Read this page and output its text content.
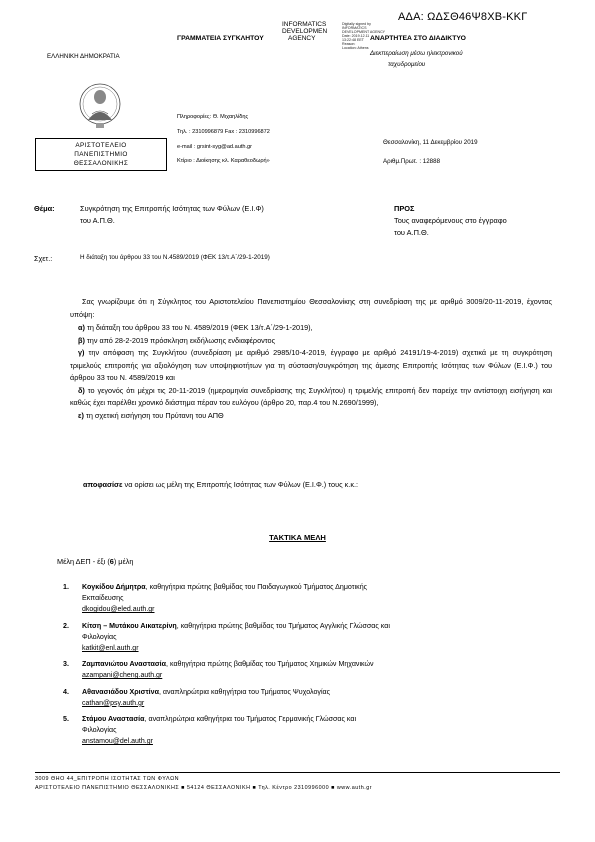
ΑΔΑ: ΩΔΣΘ46Ψ8ΧΒ-ΚΚΓ
INFORMATICS
DEVELOPMEN
AGENCY
Digitally signed by
INFORMATICS
DEVELOPMENT AGENCY
Date: 2019.12.11
13:22:48 EET
Reason:
Location: Athens
ΓΡΑΜΜΑΤΕΙΑ ΣΥΓΚΛΗΤΟΥ	ΑΝΑΡΤΗΤΕΑ ΣΤΟ ΔΙΑΔΙΚΤΥΟ
Διεκπεραίωση μέσω ηλεκτρονικού
ταχυδρομείου
ΕΛΛΗΝΙΚΗ ΔΗΜΟΚΡΑΤΙΑ
ΑΡΙΣΤΟΤΕΛΕΙΟ
ΠΑΝΕΠΙΣΤΗΜΙΟ
ΘΕΣΣΑΛΟΝΙΚΗΣ
Πληροφορίες: Θ. Μιχαηλίδης
Τηλ. : 2310996879 Fax : 2310996872
e-mail : grsint-syg@ad.auth.gr
Κτίριο : Διοίκησης κλ. Καραθεοδωρή»
Θεσσαλονίκη, 11 Δεκεμβρίου 2019
Αριθμ.Πρωτ. : 12888
Θέμα:	Συγκρότηση της Επιτροπής Ισότητας των Φύλων (Ε.Ι.Φ)
του Α.Π.Θ.
ΠΡΟΣ
Τους αναφερόμενους στο έγγραφο
του Α.Π.Θ.
Σχετ.:	Η διάταξη του άρθρου 33 του Ν.4589/2019 (ΦΕΚ 13/τ.Α΄/29-1-2019)

Σας γνωρίζουμε ότι η Σύγκλητος του Αριστοτελείου Πανεπιστημίου Θεσσαλονίκης στη συνεδρίαση της με αριθμό 3009/20-11-2019, έχοντας υπόψη:

α) τη διάταξη του άρθρου 33 του Ν. 4589/2019 (ΦΕΚ 13/τ.Α΄/29-1-2019),

β) την από 28-2-2019 πρόσκληση εκδήλωσης ενδιαφέροντος

γ) την απόφαση της Συγκλήτου (συνεδρίαση με αριθμό 2985/10-4-2019, έγγραφο με αριθμό 24191/19-4-2019) σχετικά με τη συγκρότηση τριμελούς επιτροπής για αξιολόγηση των υποψηφιοτήτων για τη σύσταση/συγκρότηση της άμεσης Επιτροπής Ισότητας των Φύλων (Ε.Ι.Φ.) του άρθρου 33 του Ν. 4589/2019 και

δ) το γεγονός ότι μέχρι τις 20-11-2019 (ημερομηνία συνεδρίασης της Συγκλήτου) η τριμελής επιτροπή δεν παρείχε την αντίστοιχη εισήγηση και καθώς έχει παρέλθει χρονικό διάστημα πέραν του ευλόγου (άρθρο 20, παρ.4 του Ν.2690/1999),

ε) τη σχετική εισήγηση του Πρύτανη του ΑΠΘ

αποφασίσε να ορίσει ως μέλη της Επιτροπής Ισότητας των Φύλων (Ε.Ι.Φ.) τους κ.κ.:
ΤΑΚΤΙΚΑ ΜΕΛΗ
Μέλη ΔΕΠ - έξι (6) μέλη
1. Κογκίδου Δήμητρα, καθηγήτρια πρώτης βαθμίδας του Παιδαγωγικού Τμήματος Δημοτικής
Εκπαίδευσης
dkogidou@eled.auth.gr
2. Κίτση – Μυτάκου Αικατερίνη, καθηγήτρια πρώτης βαθμίδας του Τμήματος Αγγλικής Γλώσσας και
Φιλολογίας
katkit@enl.auth.gr
3. Ζαμπανιώτου Αναστασία, καθηγήτρια πρώτης βαθμίδας του Τμήματος Χημικών Μηχανικών
azampani@cheng.auth.gr
4. Αθανασιάδου Χριστίνα, αναπληρώτρια καθηγήτρια του Τμήματος Ψυχολογίας
cathan@psy.auth.gr
5. Στάμου Αναστασία, αναπληρώτρια καθηγήτρια του Τμήματος Γερμανικής Γλώσσας και
Φιλολογίας
anstamou@del.auth.gr
3009 ΘΗΟ 44_ΕΠΙΤΡΟΠΗ ΙΣΟΤΗΤΑΣ ΤΩΝ ΦΥΛΩΝ
ΑΡΙΣΤΟΤΕΛΕΙΟ ΠΑΝΕΠΙΣΤΗΜΙΟ ΘΕΣΣΑΛΟΝΙΚΗΣ ■ 54124 ΘΕΣΣΑΛΟΝΙΚΗ ■ Τηλ. Κέντρο 2310996000 ■ www.auth.gr
